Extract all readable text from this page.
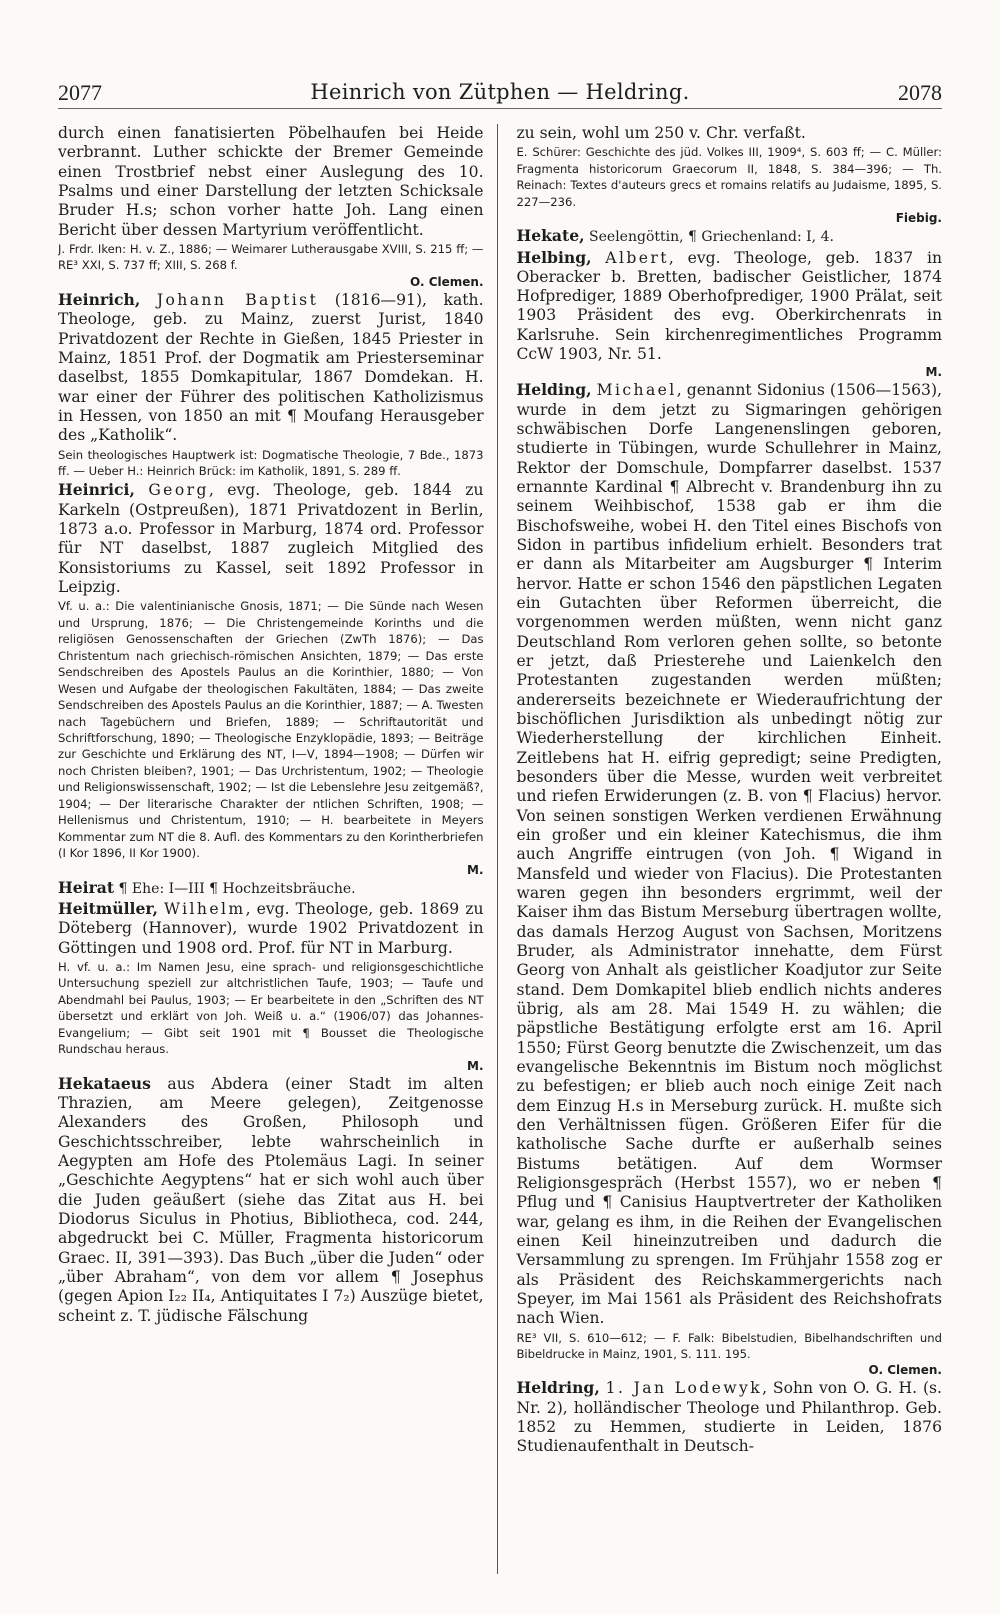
2077	Heinrich von Zütphen — Heldring.	2078

durch einen fanatisierten Pöbelhaufen bei Heide verbrannt. Luther schickte der Bremer Gemeinde einen Trostbrief nebst einer Auslegung des 10. Psalms und einer Darstellung der letzten Schicksale Bruder H.s; schon vorher hatte Joh. Lang einen Bericht über dessen Martyrium veröffentlicht.

J. Frdr. Iken: H. v. Z., 1886; — Weimarer Lutherausgabe XVIII, S. 215 ff; — RE³ XXI, S. 737 ff; XIII, S. 268 f.

O. Clemen.

Heinrich, Johann Baptist (1816—91), kath. Theologe, geb. zu Mainz, zuerst Jurist, 1840 Privatdozent der Rechte in Gießen, 1845 Priester in Mainz, 1851 Prof. der Dogmatik am Priesterseminar daselbst, 1855 Domkapitular, 1867 Domdekan. H. war einer der Führer des politischen Katholizismus in Hessen, von 1850 an mit ¶ Moufang Herausgeber des „Katholik“.

Sein theologisches Hauptwerk ist: Dogmatische Theologie, 7 Bde., 1873 ff. — Ueber H.: Heinrich Brück: im Katholik, 1891, S. 289 ff.

Heinrici, Georg, evg. Theologe, geb. 1844 zu Karkeln (Ostpreußen), 1871 Privatdozent in Berlin, 1873 a.o. Professor in Marburg, 1874 ord. Professor für NT daselbst, 1887 zugleich Mitglied des Konsistoriums zu Kassel, seit 1892 Professor in Leipzig.

Vf. u. a.: Die valentinianische Gnosis, 1871; — Die Sünde nach Wesen und Ursprung, 1876; — Die Christengemeinde Korinths und die religiösen Genossenschaften der Griechen (ZwTh 1876); — Das Christentum nach griechisch-römischen Ansichten, 1879; — Das erste Sendschreiben des Apostels Paulus an die Korinthier, 1880; — Von Wesen und Aufgabe der theologischen Fakultäten, 1884; — Das zweite Sendschreiben des Apostels Paulus an die Korinthier, 1887; — A. Twesten nach Tagebüchern und Briefen, 1889; — Schriftautorität und Schriftforschung, 1890; — Theologische Enzyklopädie, 1893; — Beiträge zur Geschichte und Erklärung des NT, I—V, 1894—1908; — Dürfen wir noch Christen bleiben?, 1901; — Das Urchristentum, 1902; — Theologie und Religionswissenschaft, 1902; — Ist die Lebenslehre Jesu zeitgemäß?, 1904; — Der literarische Charakter der ntlichen Schriften, 1908; — Hellenismus und Christentum, 1910; — H. bearbeitete in Meyers Kommentar zum NT die 8. Aufl. des Kommentars zu den Korintherbriefen (I Kor 1896, II Kor 1900).

M.

Heirat ¶ Ehe: I—III ¶ Hochzeitsbräuche.

Heitmüller, Wilhelm, evg. Theologe, geb. 1869 zu Döteberg (Hannover), wurde 1902 Privatdozent in Göttingen und 1908 ord. Prof. für NT in Marburg.

H. vf. u. a.: Im Namen Jesu, eine sprach- und religionsgeschichtliche Untersuchung speziell zur altchristlichen Taufe, 1903; — Taufe und Abendmahl bei Paulus, 1903; — Er bearbeitete in den „Schriften des NT übersetzt und erklärt von Joh. Weiß u. a.“ (1906/07) das Johannes-Evangelium; — Gibt seit 1901 mit ¶ Bousset die Theologische Rundschau heraus.

M.

Hekataeus aus Abdera (einer Stadt im alten Thrazien, am Meere gelegen), Zeitgenosse Alexanders des Großen, Philosoph und Geschichtsschreiber, lebte wahrscheinlich in Aegypten am Hofe des Ptolemäus Lagi. In seiner „Geschichte Aegyptens“ hat er sich wohl auch über die Juden geäußert (siehe das Zitat aus H. bei Diodorus Siculus in Photius, Bibliotheca, cod. 244, abgedruckt bei C. Müller, Fragmenta historicorum Graec. II, 391—393). Das Buch „über die Juden“ oder „über Abraham“, von dem vor allem ¶ Josephus (gegen Apion I₂₂ II₄, Antiquitates I 7₂) Auszüge bietet, scheint z. T. jüdische Fälschung

zu sein, wohl um 250 v. Chr. verfaßt.

E. Schürer: Geschichte des jüd. Volkes III, 1909⁴, S. 603 ff; — C. Müller: Fragmenta historicorum Graecorum II, 1848, S. 384—396; — Th. Reinach: Textes d'auteurs grecs et romains relatifs au Judaisme, 1895, S. 227—236.

Fiebig.

Hekate, Seelengöttin, ¶ Griechenland: I, 4.

Helbing, Albert, evg. Theologe, geb. 1837 in Oberacker b. Bretten, badischer Geistlicher, 1874 Hofprediger, 1889 Oberhofprediger, 1900 Prälat, seit 1903 Präsident des evg. Oberkirchenrats in Karlsruhe. Sein kirchenregimentliches Programm CcW 1903, Nr. 51.

M.

Helding, Michael, genannt Sidonius (1506—1563), wurde in dem jetzt zu Sigmaringen gehörigen schwäbischen Dorfe Langenenslingen geboren, studierte in Tübingen, wurde Schullehrer in Mainz, Rektor der Domschule, Dompfarrer daselbst. 1537 ernannte Kardinal ¶ Albrecht v. Brandenburg ihn zu seinem Weihbischof, 1538 gab er ihm die Bischofsweihe, wobei H. den Titel eines Bischofs von Sidon in partibus infidelium erhielt. Besonders trat er dann als Mitarbeiter am Augsburger ¶ Interim hervor. Hatte er schon 1546 den päpstlichen Legaten ein Gutachten über Reformen überreicht, die vorgenommen werden müßten, wenn nicht ganz Deutschland Rom verloren gehen sollte, so betonte er jetzt, daß Priesterehe und Laienkelch den Protestanten zugestanden werden müßten; andererseits bezeichnete er Wiederaufrichtung der bischöflichen Jurisdiktion als unbedingt nötig zur Wiederherstellung der kirchlichen Einheit. Zeitlebens hat H. eifrig gepredigt; seine Predigten, besonders über die Messe, wurden weit verbreitet und riefen Erwiderungen (z. B. von ¶ Flacius) hervor. Von seinen sonstigen Werken verdienen Erwähnung ein großer und ein kleiner Katechismus, die ihm auch Angriffe eintrugen (von Joh. ¶ Wigand in Mansfeld und wieder von Flacius). Die Protestanten waren gegen ihn besonders ergrimmt, weil der Kaiser ihm das Bistum Merseburg übertragen wollte, das damals Herzog August von Sachsen, Moritzens Bruder, als Administrator innehatte, dem Fürst Georg von Anhalt als geistlicher Koadjutor zur Seite stand. Dem Domkapitel blieb endlich nichts anderes übrig, als am 28. Mai 1549 H. zu wählen; die päpstliche Bestätigung erfolgte erst am 16. April 1550; Fürst Georg benutzte die Zwischenzeit, um das evangelische Bekenntnis im Bistum noch möglichst zu befestigen; er blieb auch noch einige Zeit nach dem Einzug H.s in Merseburg zurück. H. mußte sich den Verhältnissen fügen. Größeren Eifer für die katholische Sache durfte er außerhalb seines Bistums betätigen. Auf dem Wormser Religionsgespräch (Herbst 1557), wo er neben ¶ Pflug und ¶ Canisius Hauptvertreter der Katholiken war, gelang es ihm, in die Reihen der Evangelischen einen Keil hineinzutreiben und dadurch die Versammlung zu sprengen. Im Frühjahr 1558 zog er als Präsident des Reichskammergerichts nach Speyer, im Mai 1561 als Präsident des Reichshofrats nach Wien.

RE³ VII, S. 610—612; — F. Falk: Bibelstudien, Bibelhandschriften und Bibeldrucke in Mainz, 1901, S. 111. 195.

O. Clemen.

Heldring, 1. Jan Lodewyk, Sohn von O. G. H. (s. Nr. 2), holländischer Theologe und Philanthrop. Geb. 1852 zu Hemmen, studierte in Leiden, 1876 Studienaufenthalt in Deutsch-
